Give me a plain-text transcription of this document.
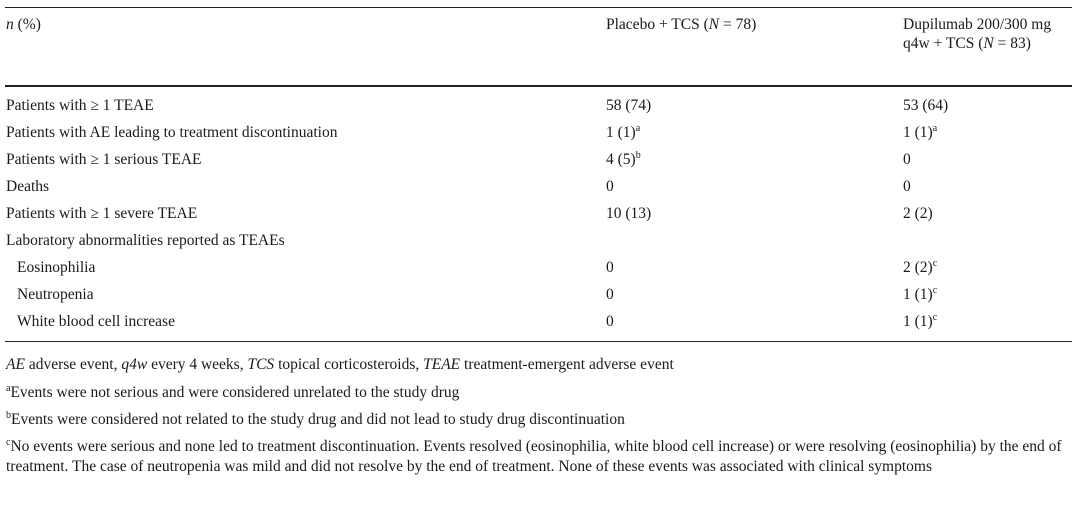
n (%)	Placebo + TCS (N = 78)	Dupilumab 200/300 mg q4w + TCS (N = 83)
Patients with ≥ 1 TEAE	58 (74)	53 (64)
Patients with AE leading to treatment discontinuation	1 $(1)^a$	1 $(1)^a$
Patients with ≥ 1 serious TEAE	4 $(5)^b$	0
Deaths	0	0
Patients with ≥ 1 severe TEAE	10 (13)	2 (2)
Laboratory abnormalities reported as TEAEs
Eosinophilia	0	2 $(2)^c$
Neutropenia	0	1 $(1)^c$
White blood cell increase	0	1 $(1)^c$
AE adverse event, q4w every 4 weeks, TCS topical corticosteroids, TEAE treatment-emergent adverse event
$^a$Events were not serious and were considered unrelated to the study drug
$^b$Events were considered not related to the study drug and did not lead to study drug discontinuation
$^c$No events were serious and none led to treatment discontinuation. Events resolved (eosinophilia, white blood cell increase) or were resolving (eosinophilia) by the end of treatment. The case of neutropenia was mild and did not resolve by the end of treatment. None of these events was associated with clinical symptoms
